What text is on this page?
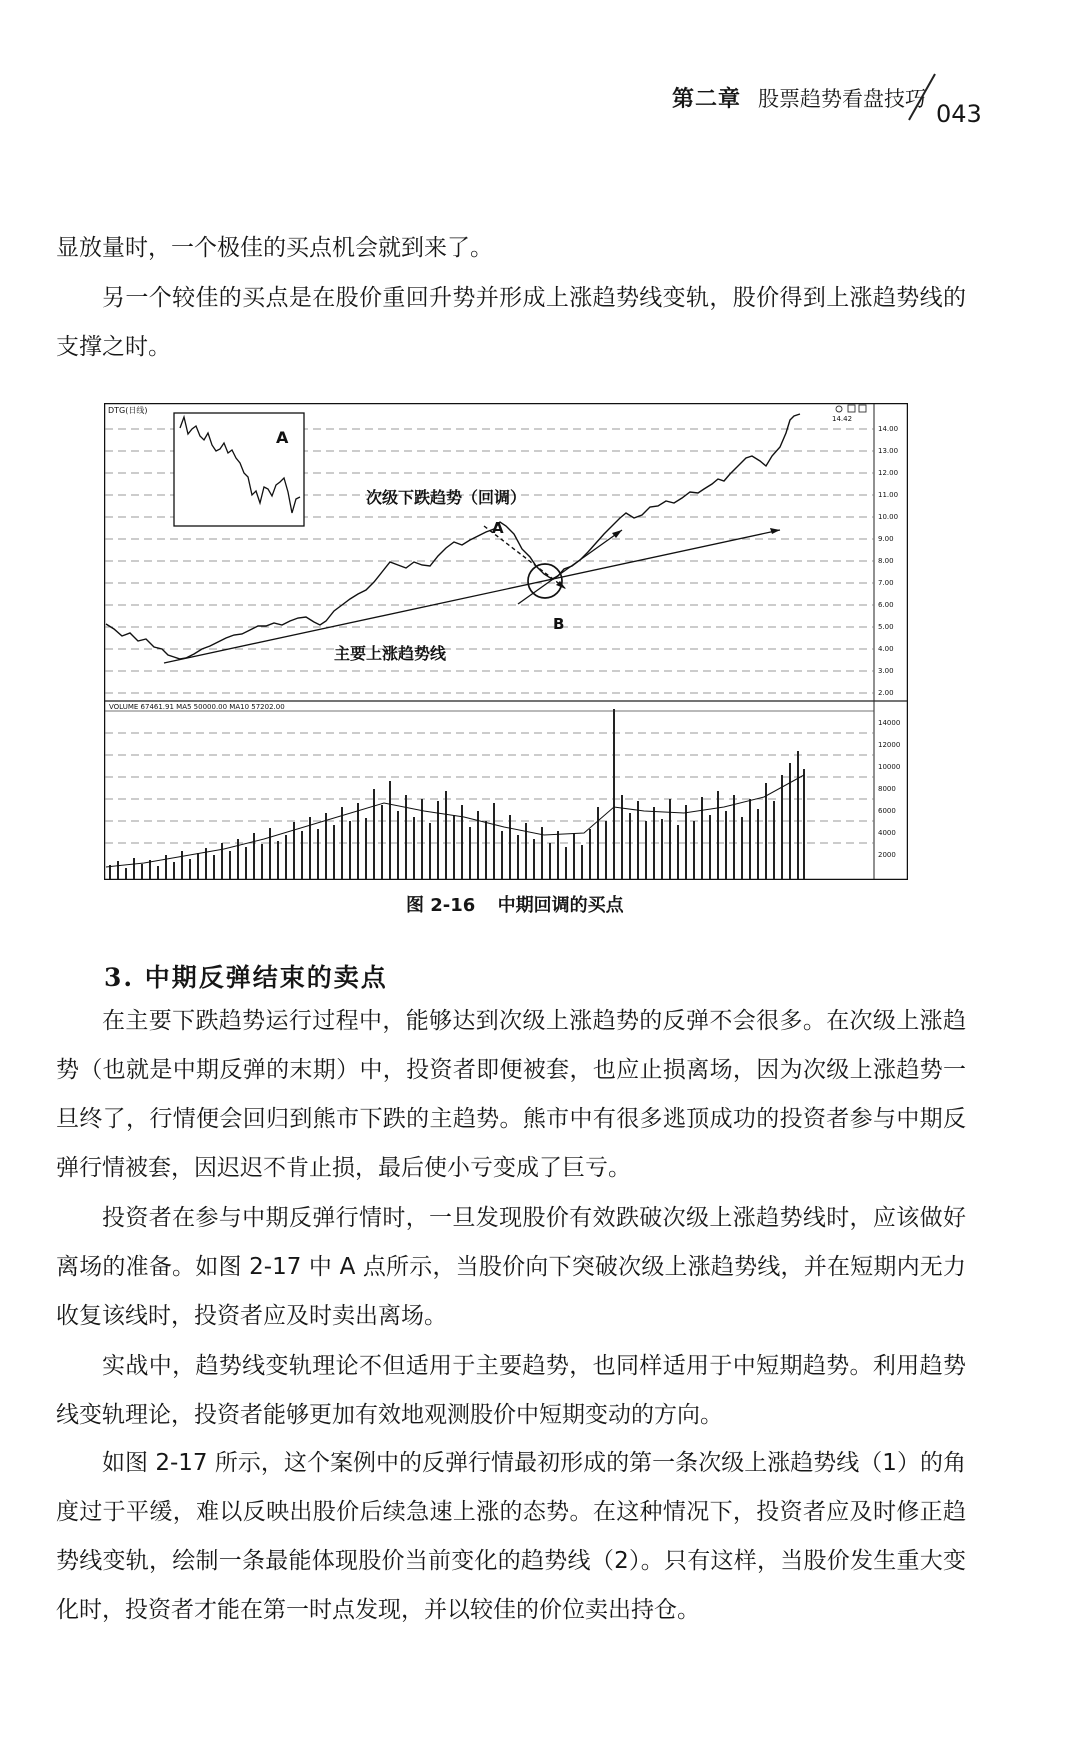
第二章 股票趋势看盘技巧
043

显放量时，一个极佳的买点机会就到来了。

另一个较佳的买点是在股价重回升势并形成上涨趋势线变轨，股价得到上涨趋势线的支撑之时。

14.00
13.00
12.00
11.00
10.00
9.00
8.00
7.00
6.00
5.00
4.00
3.00
2.00
14000
12000
10000
8000
6000
4000
2000
DTG(日线)
VOLUME 67461.91 MA5 50000.00 MA10 57202.00
14.42
A
次级下跌趋势（回调）
A
B
主要上涨趋势线
图 2-16 中期回调的买点
3. 中期反弹结束的卖点

在主要下跌趋势运行过程中，能够达到次级上涨趋势的反弹不会很多。在次级上涨趋势（也就是中期反弹的末期）中，投资者即便被套，也应止损离场，因为次级上涨趋势一旦终了，行情便会回归到熊市下跌的主趋势。熊市中有很多逃顶成功的投资者参与中期反弹行情被套，因迟迟不肯止损，最后使小亏变成了巨亏。

投资者在参与中期反弹行情时，一旦发现股价有效跌破次级上涨趋势线时，应该做好离场的准备。如图 2-17 中 A 点所示，当股价向下突破次级上涨趋势线，并在短期内无力收复该线时，投资者应及时卖出离场。

实战中，趋势线变轨理论不但适用于主要趋势，也同样适用于中短期趋势。利用趋势线变轨理论，投资者能够更加有效地观测股价中短期变动的方向。

如图 2-17 所示，这个案例中的反弹行情最初形成的第一条次级上涨趋势线（1）的角度过于平缓，难以反映出股价后续急速上涨的态势。在这种情况下，投资者应及时修正趋势线变轨，绘制一条最能体现股价当前变化的趋势线（2）。只有这样，当股价发生重大变化时，投资者才能在第一时点发现，并以较佳的价位卖出持仓。
